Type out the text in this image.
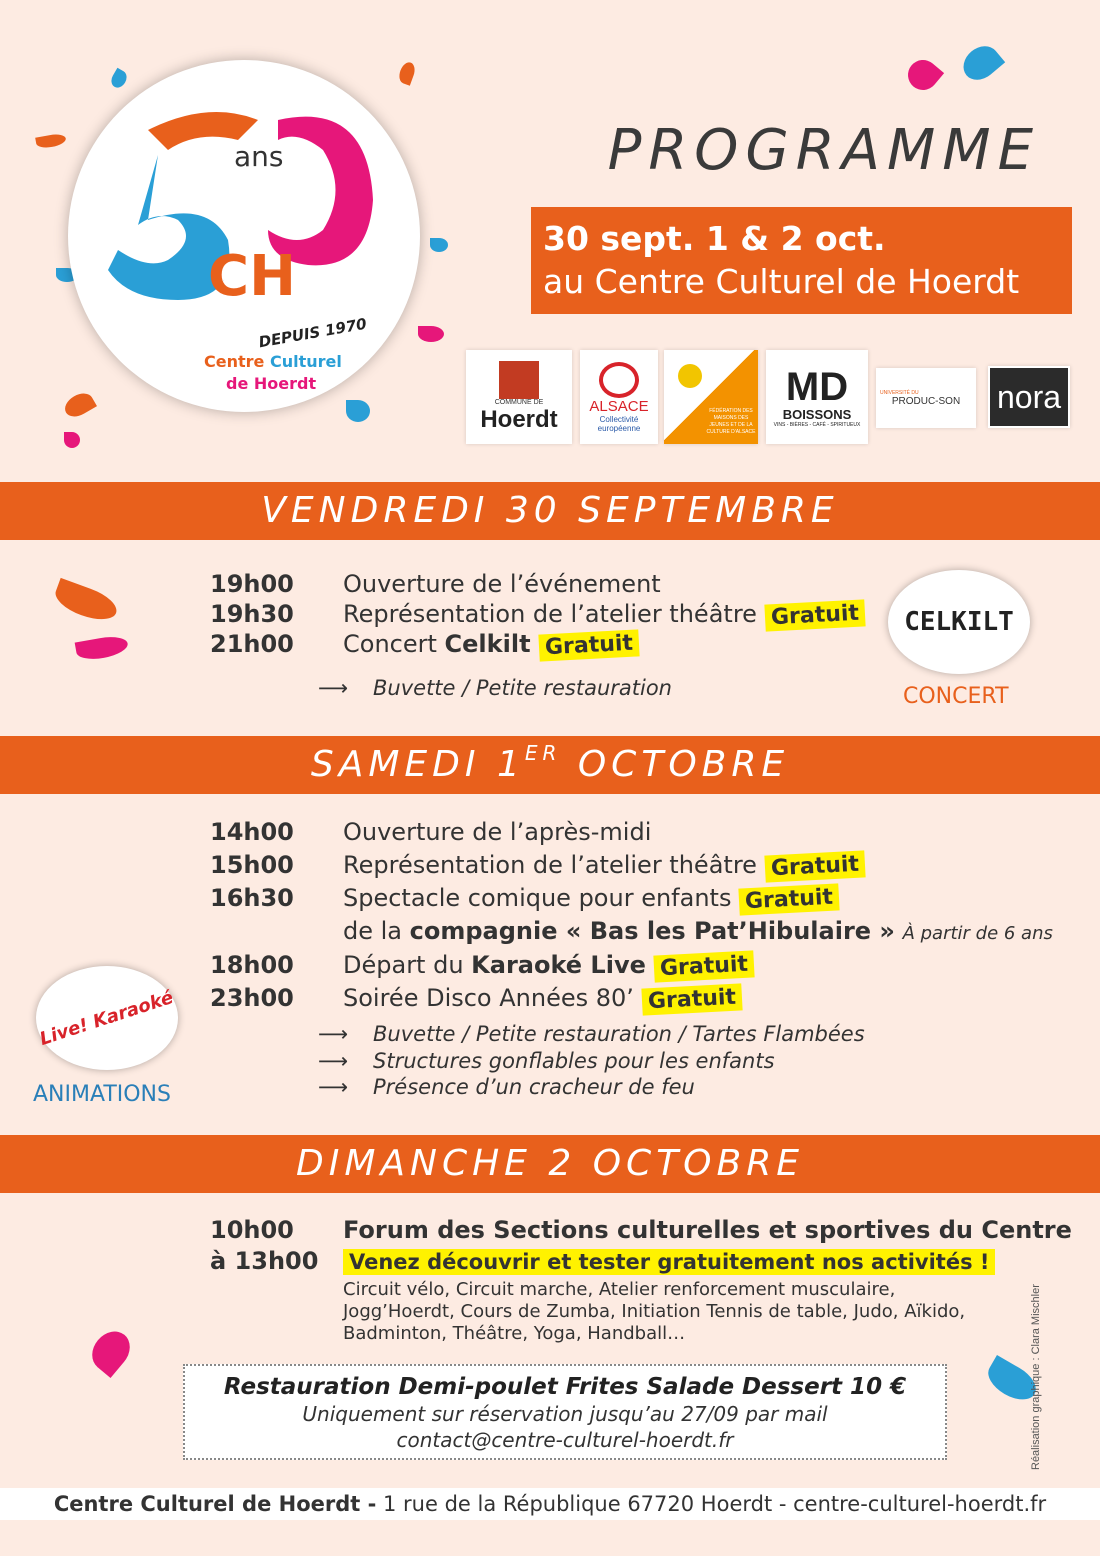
CH
ans
DEPUIS 1970
Centre Culturel
de Hoerdt
PROGRAMME
30 sept. 1 & 2 oct.
au Centre Culturel de Hoerdt
COMMUNE DE
Hoerdt ALSACE
Collectivité
européenne
FÉDÉRATION DES MAISONS DES JEUNES ET DE LA CULTURE D'ALSACE
MD
BOISSONS
VINS - BIÈRES - CAFÉ - SPIRITUEUX
UNIVERSITÉ DU
PRODUC-SON nora
VENDREDI 30 SEPTEMBRE
19h00 Ouverture de l’événement
19h30 Représentation de l’atelier théâtre Gratuit
21h00 Concert Celkilt Gratuit
⟶ Buvette / Petite restauration
CELKILT
CONCERT
SAMEDI 1ER OCTOBRE
14h00 Ouverture de l’après-midi
15h00 Représentation de l’atelier théâtre Gratuit
16h30 Spectacle comique pour enfants Gratuit
de la compagnie « Bas les Pat’Hibulaire » À partir de 6 ans
18h00 Départ du Karaoké Live Gratuit
23h00 Soirée Disco Années 80’ Gratuit
⟶ Buvette / Petite restauration / Tartes Flambées
⟶ Structures gonflables pour les enfants
⟶ Présence d’un cracheur de feu
Live! Karaoké
ANIMATIONS
DIMANCHE 2 OCTOBRE
10h00 Forum des Sections culturelles et sportives du Centre
à 13h00 Venez découvrir et tester gratuitement nos activités !
Circuit vélo, Circuit marche, Atelier renforcement musculaire,
Jogg’Hoerdt, Cours de Zumba, Initiation Tennis de table, Judo, Aïkido,
Badminton, Théâtre, Yoga, Handball…
Restauration Demi-poulet Frites Salade Dessert 10 €
Uniquement sur réservation jusqu’au 27/09 par mail
contact@centre-culturel-hoerdt.fr	Réalisation graphique : Clara Mischler
Centre Culturel de Hoerdt - 1 rue de la République 67720 Hoerdt - centre-culturel-hoerdt.fr
